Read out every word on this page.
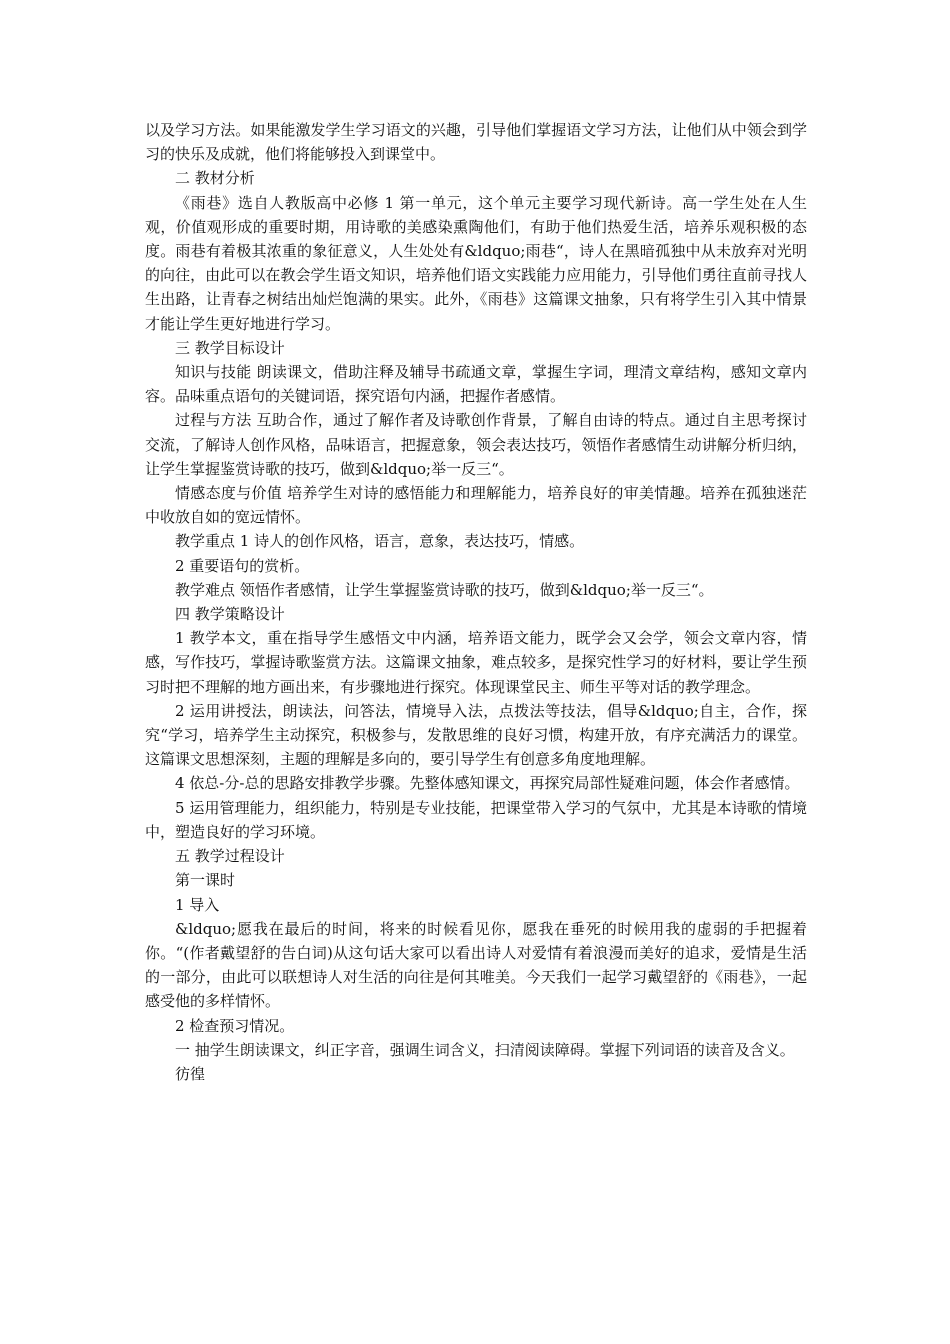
以及学习方法。如果能激发学生学习语文的兴趣，引导他们掌握语文学习方法，让他们从中领会到学习的快乐及成就，他们将能够投入到课堂中。

二 教材分析

《雨巷》选自人教版高中必修 1 第一单元，这个单元主要学习现代新诗。高一学生处在人生观，价值观形成的重要时期，用诗歌的美感染熏陶他们，有助于他们热爱生活，培养乐观积极的态度。雨巷有着极其浓重的象征意义，人生处处有&ldquo;雨巷“，诗人在黑暗孤独中从未放弃对光明的向往，由此可以在教会学生语文知识，培养他们语文实践能力应用能力，引导他们勇往直前寻找人生出路，让青春之树结出灿烂饱满的果实。此外，《雨巷》这篇课文抽象，只有将学生引入其中情景才能让学生更好地进行学习。

三 教学目标设计

知识与技能 朗读课文，借助注释及辅导书疏通文章，掌握生字词，理清文章结构，感知文章内容。品味重点语句的关键词语，探究语句内涵，把握作者感情。

过程与方法 互助合作，通过了解作者及诗歌创作背景，了解自由诗的特点。通过自主思考探讨交流，了解诗人创作风格，品味语言，把握意象，领会表达技巧，领悟作者感情生动讲解分析归纳，让学生掌握鉴赏诗歌的技巧，做到&ldquo;举一反三“。

情感态度与价值 培养学生对诗的感悟能力和理解能力，培养良好的审美情趣。培养在孤独迷茫中收放自如的宽远情怀。

教学重点 1 诗人的创作风格，语言，意象，表达技巧，情感。

2 重要语句的赏析。

教学难点 领悟作者感情，让学生掌握鉴赏诗歌的技巧，做到&ldquo;举一反三“。

四 教学策略设计

1 教学本文，重在指导学生感悟文中内涵，培养语文能力，既学会又会学，领会文章内容，情感，写作技巧，掌握诗歌鉴赏方法。这篇课文抽象，难点较多，是探究性学习的好材料，要让学生预习时把不理解的地方画出来，有步骤地进行探究。体现课堂民主、师生平等对话的教学理念。

2 运用讲授法，朗读法，问答法，情境导入法，点拨法等技法，倡导&ldquo;自主，合作，探究“学习，培养学生主动探究，积极参与，发散思维的良好习惯，构建开放，有序充满活力的课堂。这篇课文思想深刻，主题的理解是多向的，要引导学生有创意多角度地理解。

4 依总-分-总的思路安排教学步骤。先整体感知课文，再探究局部性疑难问题，体会作者感情。

5 运用管理能力，组织能力，特别是专业技能，把课堂带入学习的气氛中，尤其是本诗歌的情境中，塑造良好的学习环境。

五 教学过程设计

第一课时

1 导入

&ldquo;愿我在最后的时间，将来的时候看见你，愿我在垂死的时候用我的虚弱的手把握着你。“(作者戴望舒的告白词)从这句话大家可以看出诗人对爱情有着浪漫而美好的追求，爱情是生活的一部分，由此可以联想诗人对生活的向往是何其唯美。今天我们一起学习戴望舒的《雨巷》，一起感受他的多样情怀。

2 检查预习情况。

一 抽学生朗读课文，纠正字音，强调生词含义，扫清阅读障碍。掌握下列词语的读音及含义。

彷徨
